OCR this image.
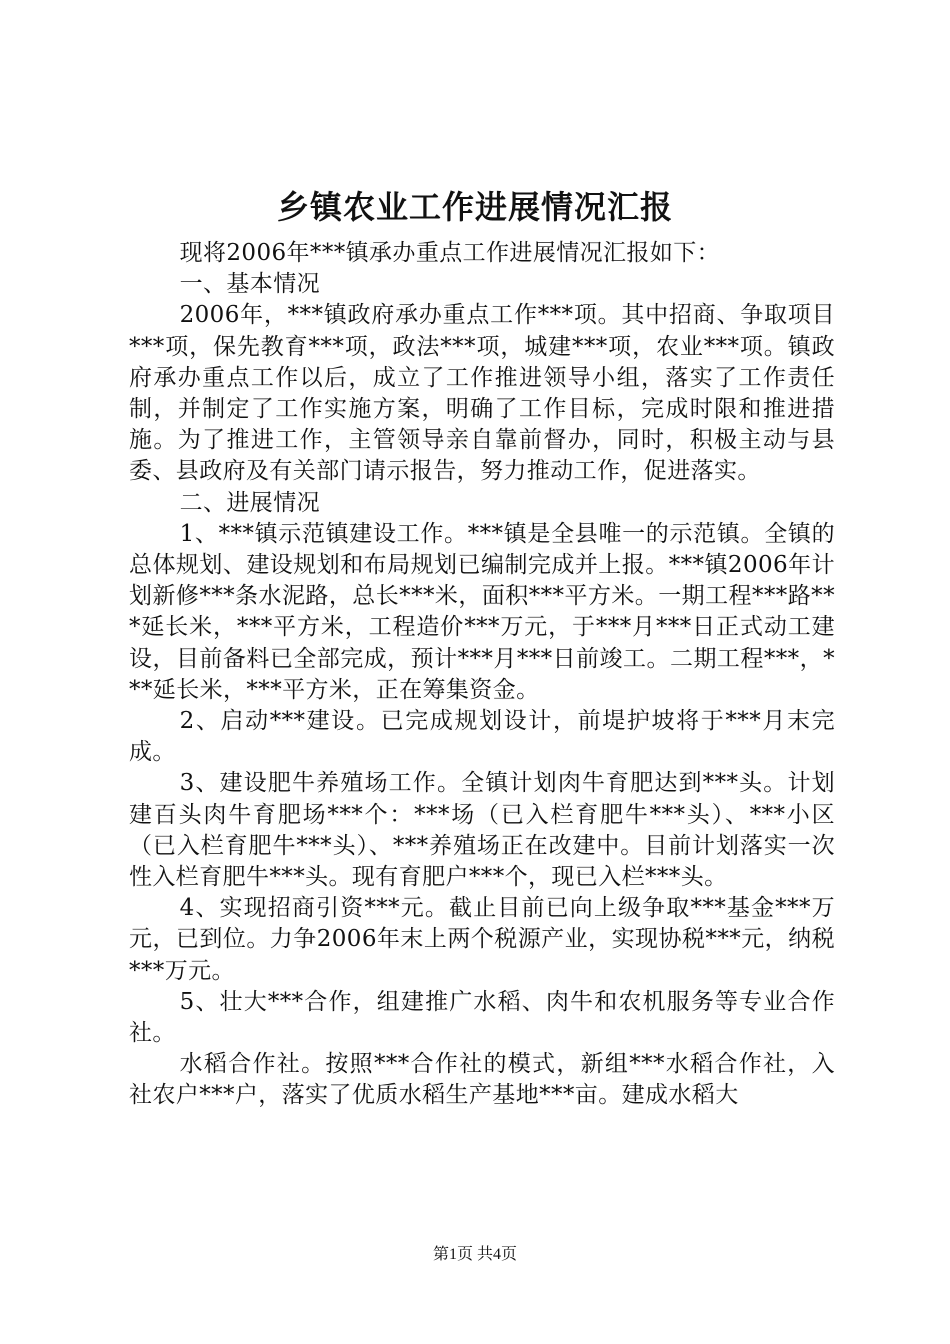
乡镇农业工作进展情况汇报

现将2006年***镇承办重点工作进展情况汇报如下：

一、基本情况

2006年，***镇政府承办重点工作***项。其中招商、争取项目***项，保先教育***项，政法***项，城建***项，农业***项。镇政府承办重点工作以后，成立了工作推进领导小组，落实了工作责任制，并制定了工作实施方案，明确了工作目标，完成时限和推进措施。为了推进工作，主管领导亲自靠前督办，同时，积极主动与县委、县政府及有关部门请示报告，努力推动工作，促进落实。

二、进展情况

1、***镇示范镇建设工作。***镇是全县唯一的示范镇。全镇的总体规划、建设规划和布局规划已编制完成并上报。***镇2006年计划新修***条水泥路，总长***米，面积***平方米。一期工程***路***延长米，***平方米，工程造价***万元，于***月***日正式动工建设，目前备料已全部完成，预计***月***日前竣工。二期工程***，***延长米，***平方米，正在筹集资金。

2、启动***建设。已完成规划设计，前堤护坡将于***月末完成。

3、建设肥牛养殖场工作。全镇计划肉牛育肥达到***头。计划建百头肉牛育肥场***个：***场（已入栏育肥牛***头）、***小区（已入栏育肥牛***头）、***养殖场正在改建中。目前计划落实一次性入栏育肥牛***头。现有育肥户***个，现已入栏***头。

4、实现招商引资***元。截止目前已向上级争取***基金***万元，已到位。力争2006年末上两个税源产业，实现协税***元，纳税***万元。

5、壮大***合作，组建推广水稻、肉牛和农机服务等专业合作社。

水稻合作社。按照***合作社的模式，新组***水稻合作社，入社农户***户，落实了优质水稻生产基地***亩。建成水稻大

第1页 共4页
